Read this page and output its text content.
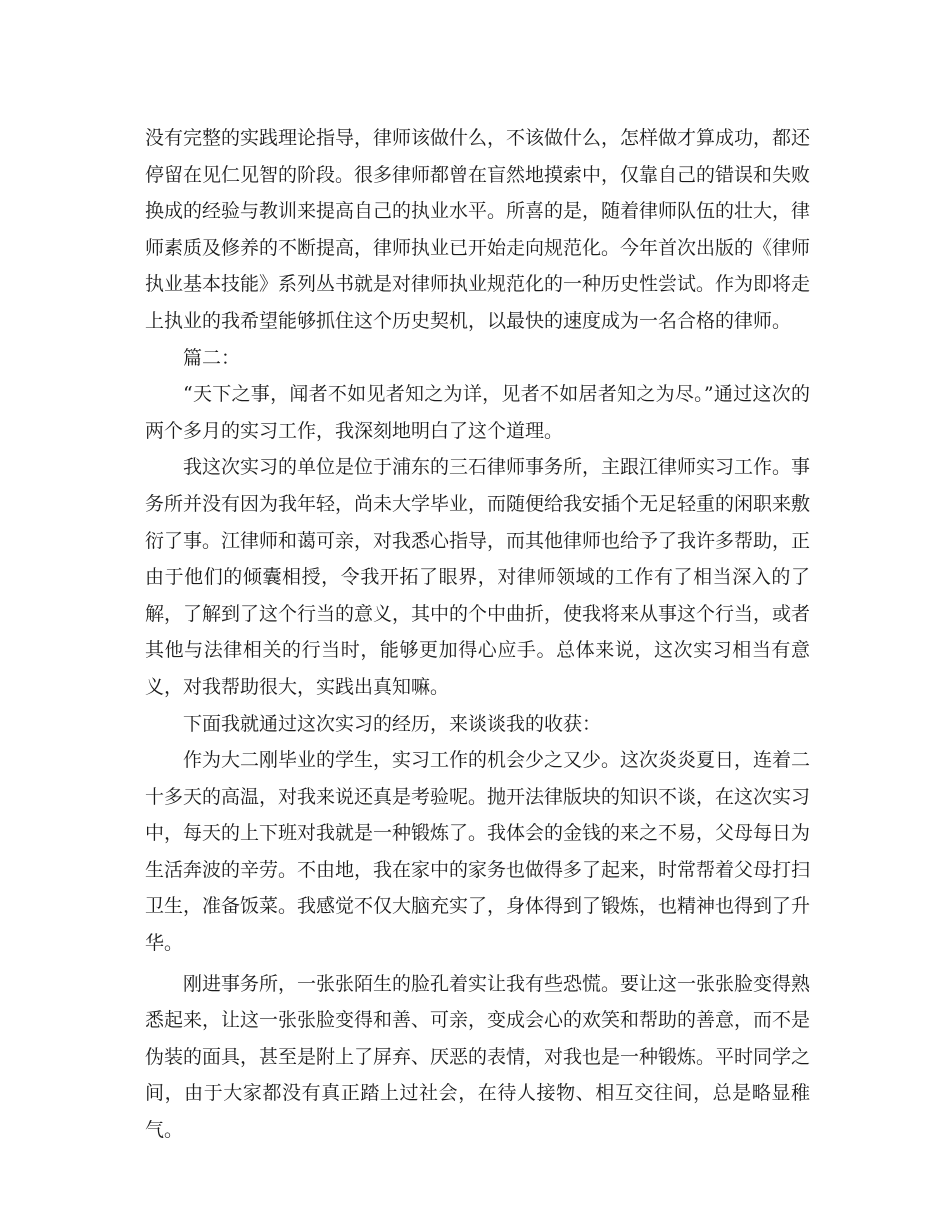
没有完整的实践理论指导，律师该做什么，不该做什么，怎样做才算成功，都还停留在见仁见智的阶段。很多律师都曾在盲然地摸索中，仅靠自己的错误和失败换成的经验与教训来提高自己的执业水平。所喜的是，随着律师队伍的壮大，律师素质及修养的不断提高，律师执业已开始走向规范化。今年首次出版的《律师执业基本技能》系列丛书就是对律师执业规范化的一种历史性尝试。作为即将走上执业的我希望能够抓住这个历史契机，以最快的速度成为一名合格的律师。

篇二：

“天下之事，闻者不如见者知之为详，见者不如居者知之为尽。”通过这次的两个多月的实习工作，我深刻地明白了这个道理。

我这次实习的单位是位于浦东的三石律师事务所，主跟江律师实习工作。事务所并没有因为我年轻，尚未大学毕业，而随便给我安插个无足轻重的闲职来敷衍了事。江律师和蔼可亲，对我悉心指导，而其他律师也给予了我许多帮助，正由于他们的倾囊相授，令我开拓了眼界，对律师领域的工作有了相当深入的了解，了解到了这个行当的意义，其中的个中曲折，使我将来从事这个行当，或者其他与法律相关的行当时，能够更加得心应手。总体来说，这次实习相当有意义，对我帮助很大，实践出真知嘛。

下面我就通过这次实习的经历，来谈谈我的收获：

作为大二刚毕业的学生，实习工作的机会少之又少。这次炎炎夏日，连着二十多天的高温，对我来说还真是考验呢。抛开法律版块的知识不谈，在这次实习中，每天的上下班对我就是一种锻炼了。我体会的金钱的来之不易，父母每日为生活奔波的辛劳。不由地，我在家中的家务也做得多了起来，时常帮着父母打扫卫生，准备饭菜。我感觉不仅大脑充实了，身体得到了锻炼，也精神也得到了升华。

刚进事务所，一张张陌生的脸孔着实让我有些恐慌。要让这一张张脸变得熟悉起来，让这一张张脸变得和善、可亲，变成会心的欢笑和帮助的善意，而不是伪装的面具，甚至是附上了屏弃、厌恶的表情，对我也是一种锻炼。平时同学之间，由于大家都没有真正踏上过社会，在待人接物、相互交往间，总是略显稚气。
